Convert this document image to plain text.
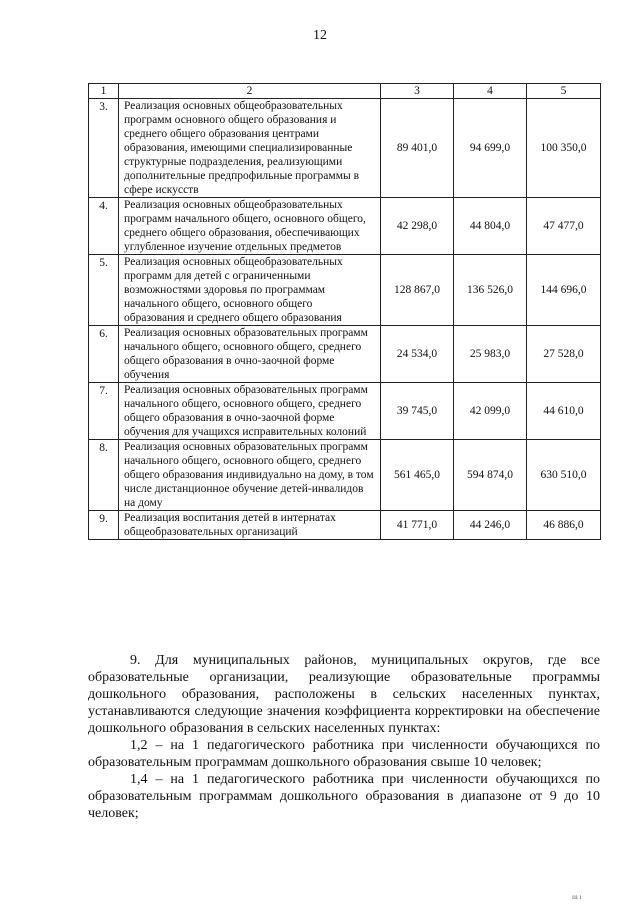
12
1	2	3	4	5
3.	Реализация основных общеобразовательных программ основного общего образования и среднего общего образования центрами образования, имеющими специализированные структурные подразделения, реализующими дополнительные предпрофильные программы в сфере искусств	89 401,0	94 699,0	100 350,0
4.	Реализация основных общеобразовательных программ начального общего, основного общего, среднего общего образования, обеспечивающих углубленное изучение отдельных предметов	42 298,0	44 804,0	47 477,0
5.	Реализация основных общеобразовательных программ для детей с ограниченными возможностями здоровья по программам начального общего, основного общего образования и среднего общего образования	128 867,0	136 526,0	144 696,0
6.	Реализация основных образовательных программ начального общего, основного общего, среднего общего образования в очно-заочной форме обучения	24 534,0	25 983,0	27 528,0
7.	Реализация основных образовательных программ начального общего, основного общего, среднего общего образования в очно-заочной форме обучения для учащихся исправительных колоний	39 745,0	42 099,0	44 610,0
8.	Реализация основных образовательных программ начального общего, основного общего, среднего общего образования индивидуально на дому, в том числе дистанционное обучение детей-инвалидов на дому	561 465,0	594 874,0	630 510,0
9.	Реализация воспитания детей в интернатах общеобразовательных организаций	41 771,0	44 246,0	46 886,0

9. Для муниципальных районов, муниципальных округов, где все образовательные организации, реализующие образовательные программы дошкольного образования, расположены в сельских населенных пунктах, устанавливаются следующие значения коэффициента корректировки на обеспечение дошкольного образования в сельских населенных пунктах:

1,2 – на 1 педагогического работника при численности обучающихся по образовательным программам дошкольного образования свыше 10 человек;

1,4 – на 1 педагогического работника при численности обучающихся по образовательным программам дошкольного образования в диапазоне от 9 до 10 человек;

ııı ı
